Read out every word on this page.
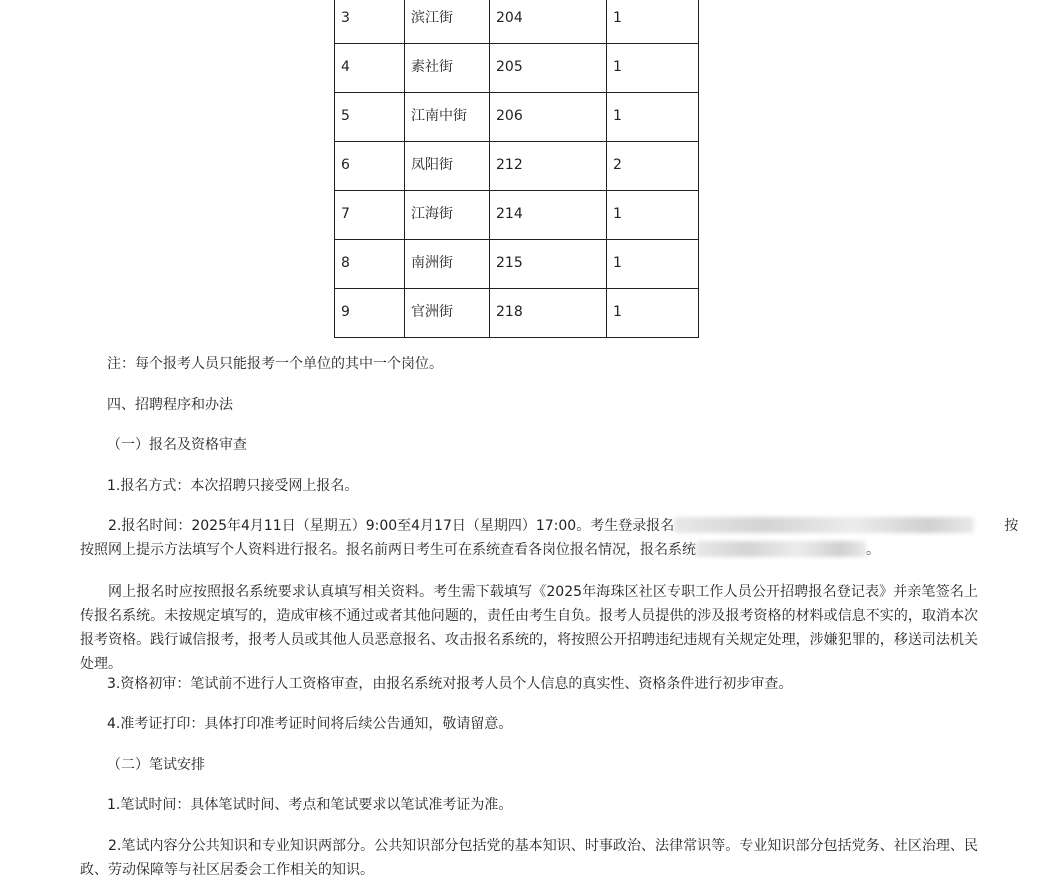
3	滨江街	204	1

4	素社街	205	1

5	江南中街	206	1

6	凤阳街	212	2

7	江海街	214	1

8	南洲街	215	1

9	官洲街	218	1

注：每个报考人员只能报考一个单位的其中一个岗位。

四、招聘程序和办法

（一）报名及资格审查

1.报名方式：本次招聘只接受网上报名。

2.报名时间：2025年4月11日（星期五）9:00至4月17日（星期四）17:00。考生登录报名	按
按照网上提示方法填写个人资料进行报名。报名前两日考生可在系统查看各岗位报名情况，报名系统	。

网上报名时应按照报名系统要求认真填写相关资料。考生需下载填写《2025年海珠区社区专职工作人员公开招聘报名登记表》并亲笔签名上传报名系统。未按规定填写的，造成审核不通过或者其他问题的，责任由考生自负。报考人员提供的涉及报考资格的材料或信息不实的，取消本次报考资格。践行诚信报考，报考人员或其他人员恶意报名、攻击报名系统的，将按照公开招聘违纪违规有关规定处理，涉嫌犯罪的，移送司法机关处理。

3.资格初审：笔试前不进行人工资格审查，由报名系统对报考人员个人信息的真实性、资格条件进行初步审查。

4.准考证打印：具体打印准考证时间将后续公告通知，敬请留意。

（二）笔试安排

1.笔试时间：具体笔试时间、考点和笔试要求以笔试准考证为准。

2.笔试内容分公共知识和专业知识两部分。公共知识部分包括党的基本知识、时事政治、法律常识等。专业知识部分包括党务、社区治理、民政、劳动保障等与社区居委会工作相关的知识。
